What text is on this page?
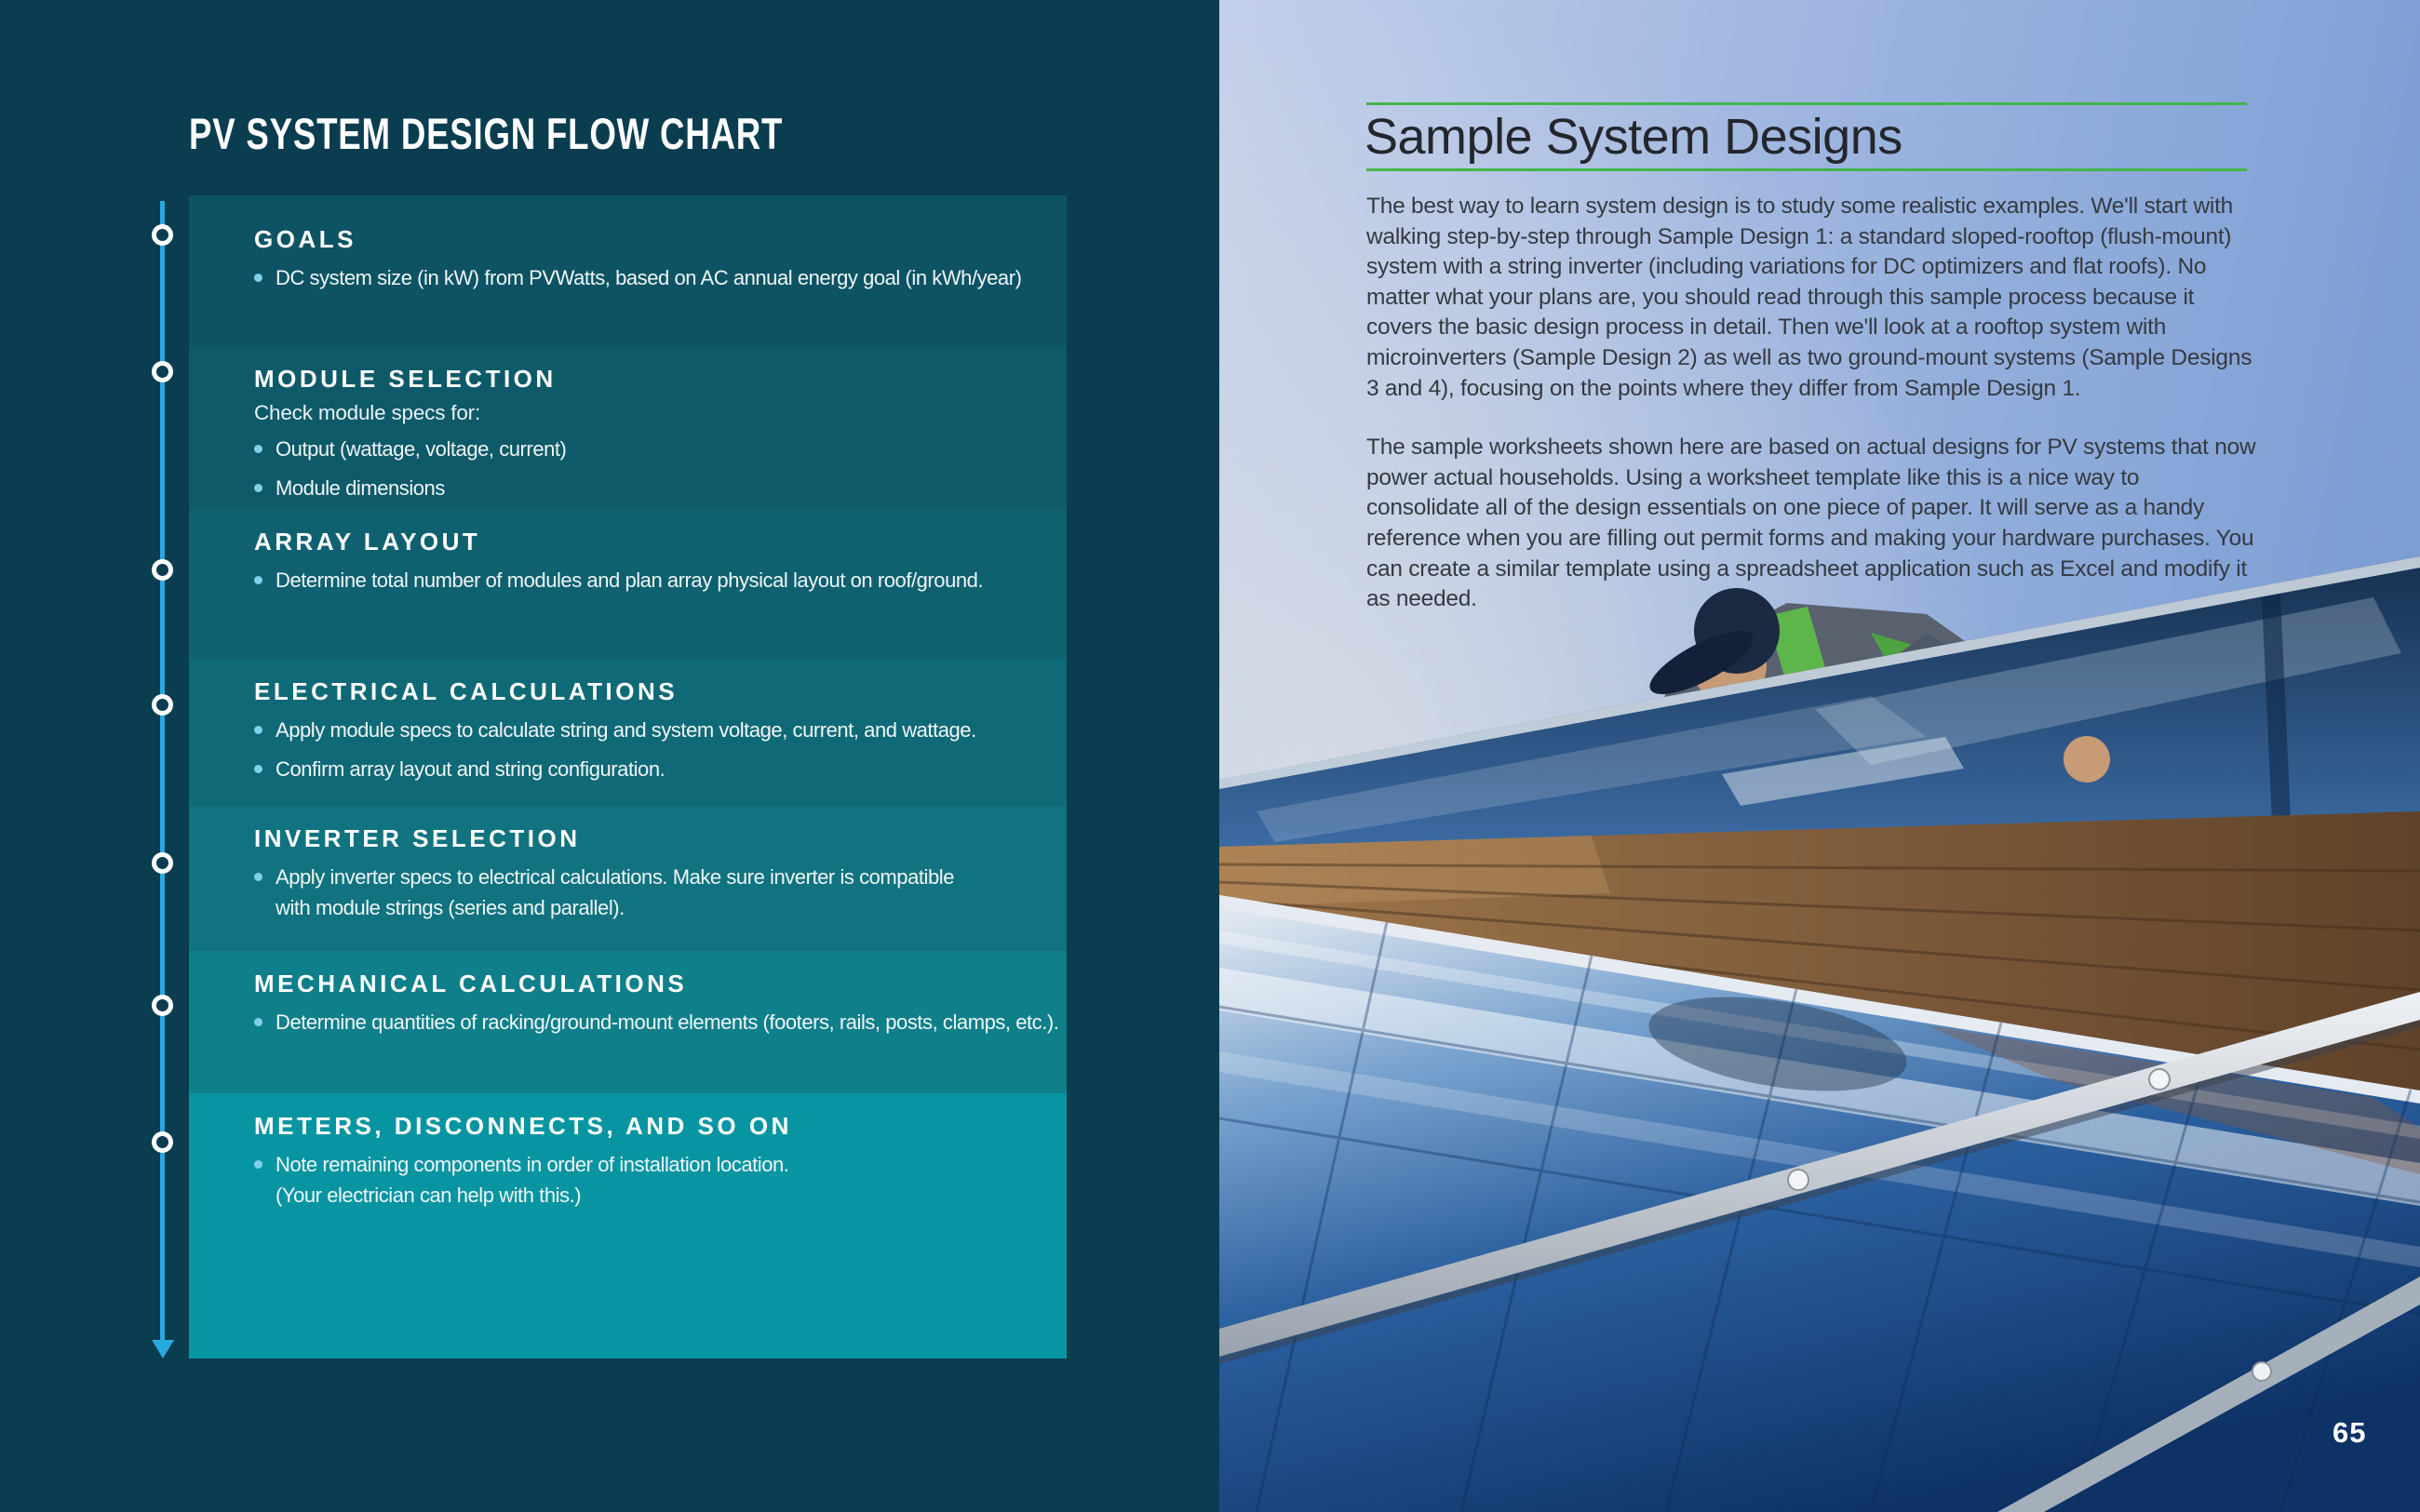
PV SYSTEM DESIGN FLOW CHART
GOALS
DC system size (in kW) from PVWatts, based on AC annual energy goal (in kWh/year)
MODULE SELECTION
Check module specs for:
Output (wattage, voltage, current)
Module dimensions
ARRAY LAYOUT
Determine total number of modules and plan array physical layout on roof/ground.
ELECTRICAL CALCULATIONS
Apply module specs to calculate string and system voltage, current, and wattage.
Confirm array layout and string configuration.
INVERTER SELECTION
Apply inverter specs to electrical calculations. Make sure inverter is compatible
with module strings (series and parallel).
MECHANICAL CALCULATIONS
Determine quantities of racking/ground-mount elements (footers, rails, posts, clamps, etc.).
METERS, DISCONNECTS, AND SO ON
Note remaining components in order of installation location.
(Your electrician can help with this.)
Sample System Designs

The best way to learn system design is to study some realistic examples. We'll start with walking step-by-step through Sample Design 1: a standard sloped-rooftop (flush-mount) system with a string inverter (including variations for DC optimizers and flat roofs). No matter what your plans are, you should read through this sample process because it covers the basic design process in detail. Then we'll look at a rooftop system with microinverters (Sample Design 2) as well as two ground-mount systems (Sample Designs 3 and 4), focusing on the points where they differ from Sample Design 1.

The sample worksheets shown here are based on actual designs for PV systems that now power actual households. Using a worksheet template like this is a nice way to consolidate all of the design essentials on one piece of paper. It will serve as a handy reference when you are filling out permit forms and making your hardware purchases. You can create a similar template using a spreadsheet application such as Excel and modify it as needed.

65
